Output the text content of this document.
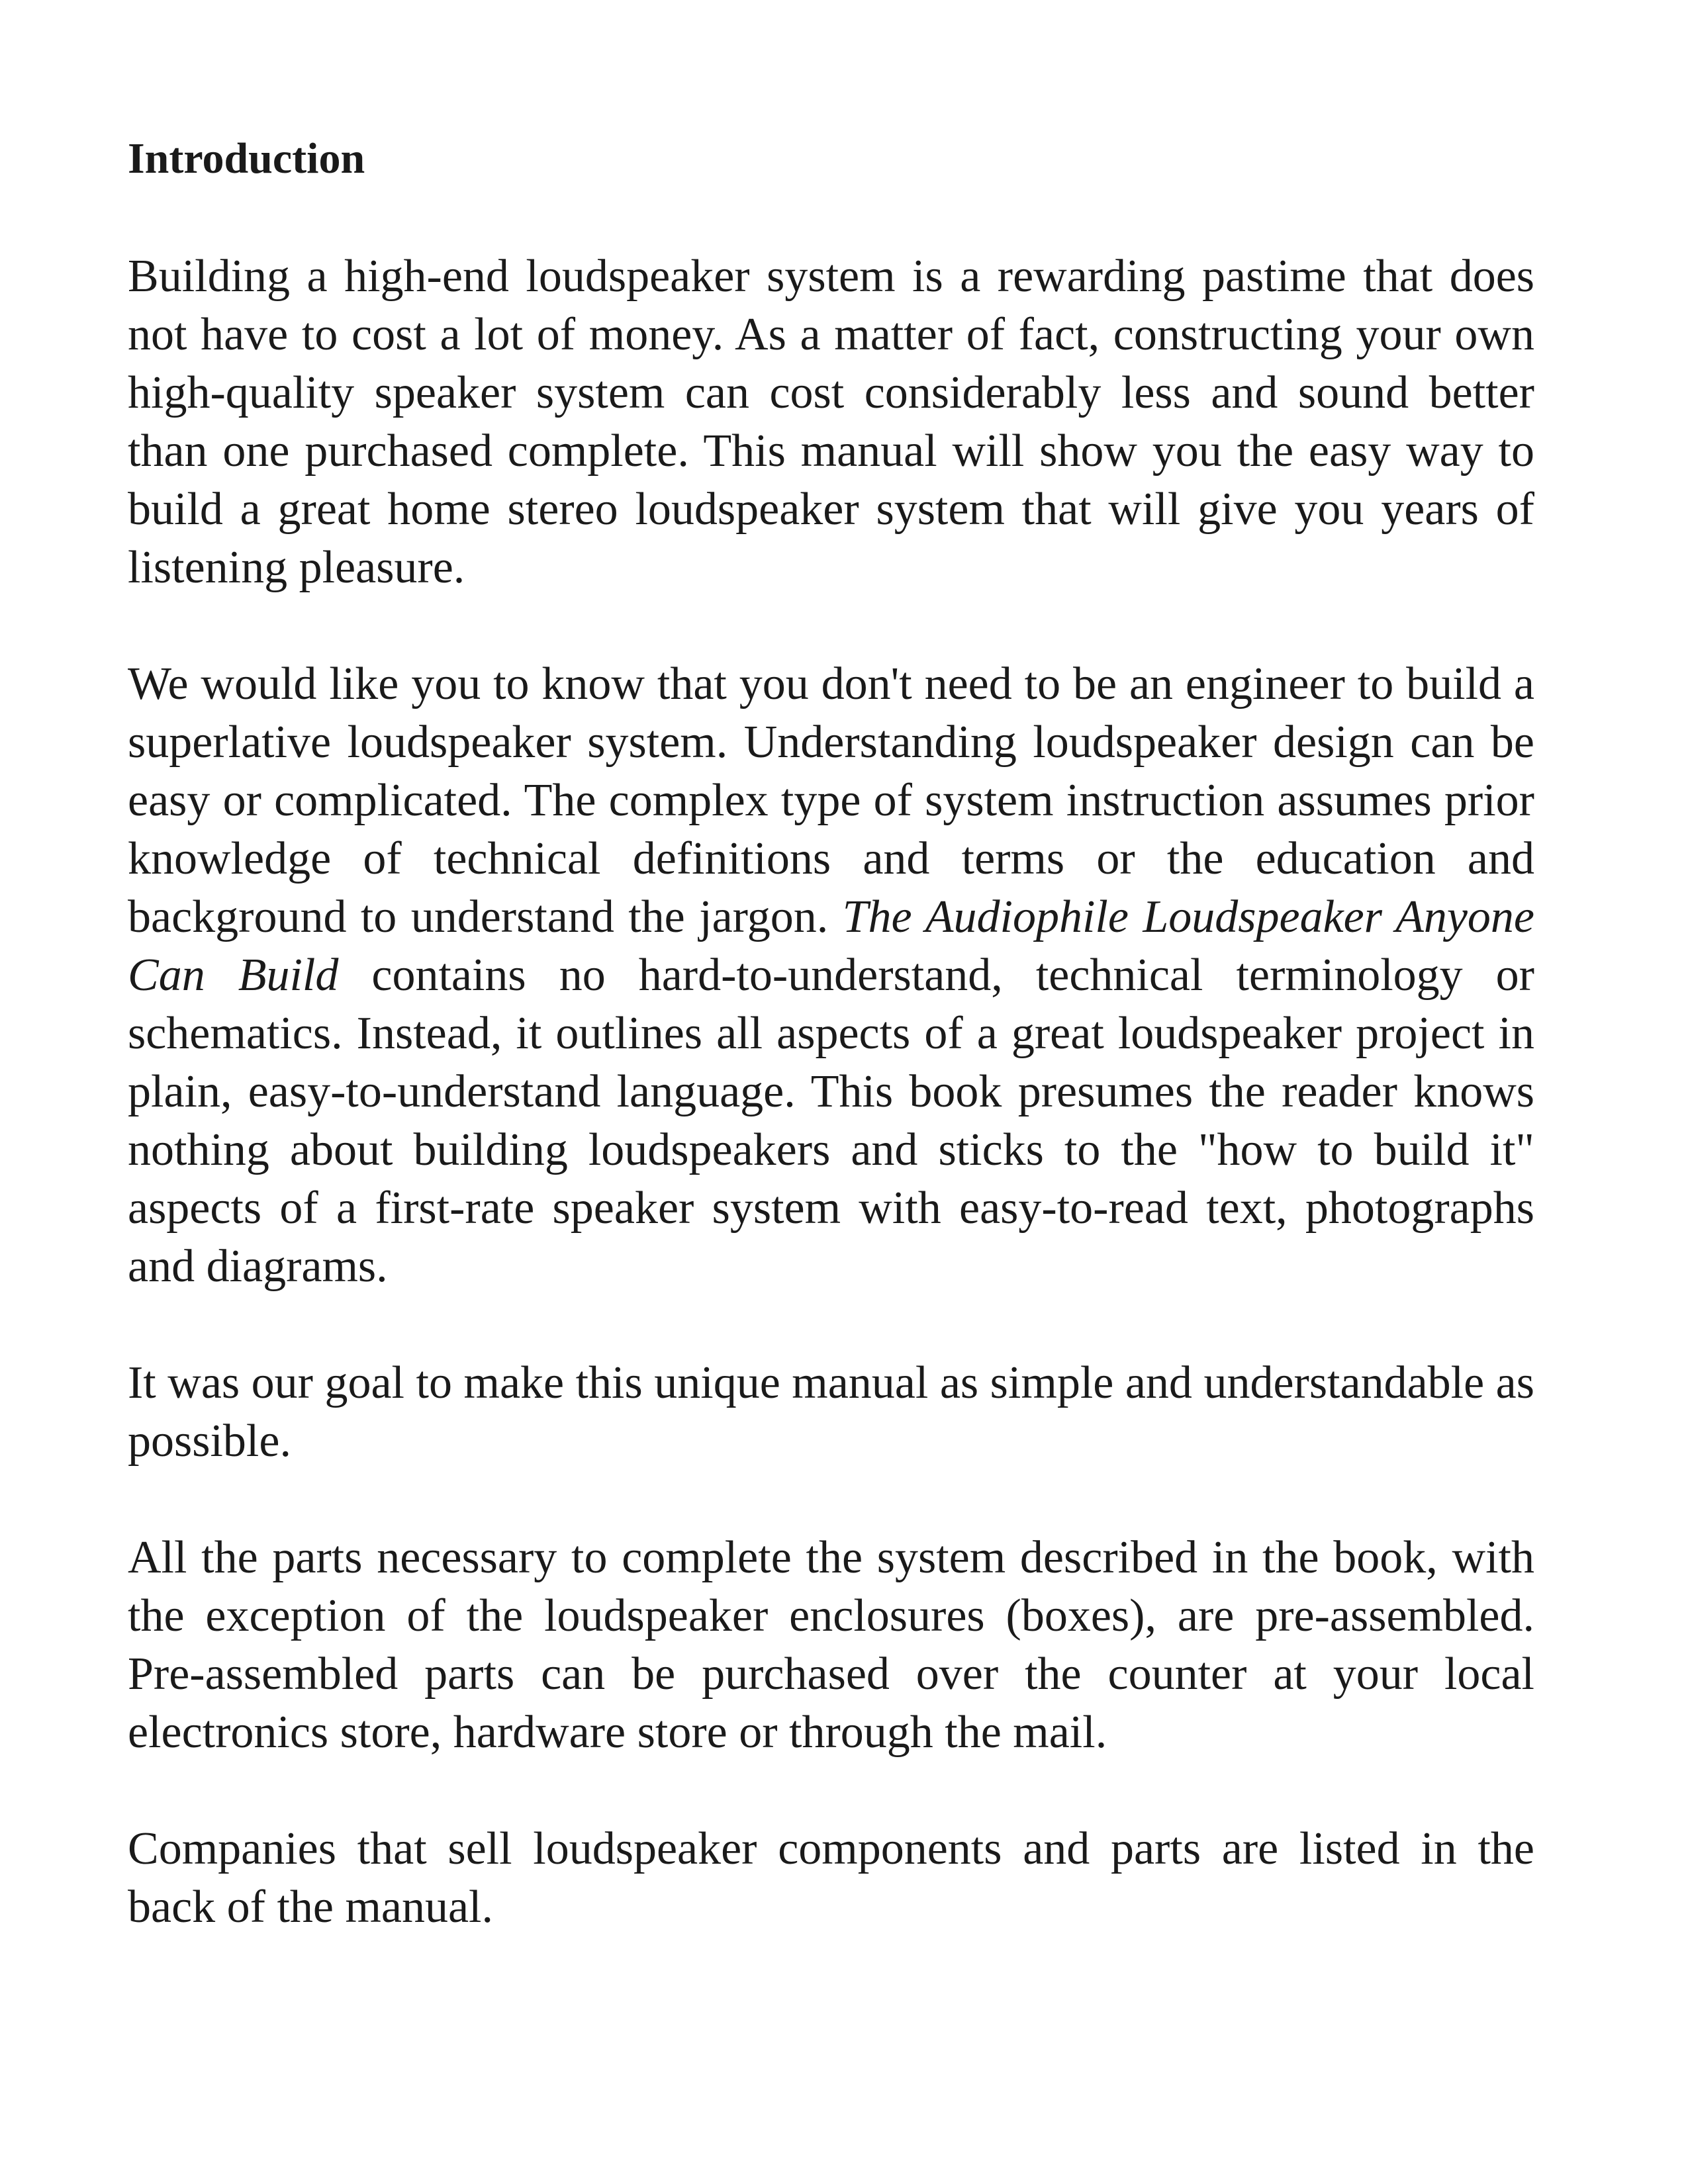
Introduction

Building a high-end loudspeaker system is a rewarding pastime that does not have to cost a lot of money. As a matter of fact, constructing your own high-quality speaker system can cost considerably less and sound better than one purchased complete. This manual will show you the easy way to build a great home stereo loudspeaker system that will give you years of listening pleasure.

We would like you to know that you don't need to be an engineer to build a superlative loudspeaker system. Understanding loudspeaker design can be easy or complicated. The complex type of system instruction assumes prior knowledge of technical definitions and terms or the education and background to understand the jargon. The Audiophile Loudspeaker Anyone Can Build contains no hard-to-understand, technical terminology or schematics. Instead, it outlines all aspects of a great loudspeaker project in plain, easy-to-understand language. This book presumes the reader knows nothing about building loudspeakers and sticks to the "how to build it" aspects of a first-rate speaker system with easy-to-read text, photographs and diagrams.

It was our goal to make this unique manual as simple and understandable as possible.

All the parts necessary to complete the system described in the book, with the exception of the loudspeaker enclosures (boxes), are pre-assembled. Pre-assembled parts can be purchased over the counter at your local electronics store, hardware store or through the mail.

Companies that sell loudspeaker components and parts are listed in the back of the manual.
